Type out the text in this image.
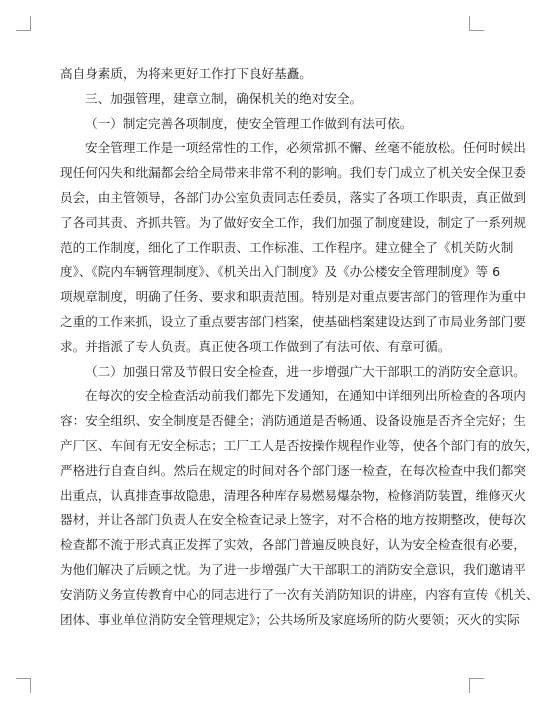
高自身素质，为将来更好工作打下良好基矗。
三、加强管理，建章立制，确保机关的绝对安全。
（一）制定完善各项制度，使安全管理工作做到有法可依。
安全管理工作是一项经常性的工作，必须常抓不懈、丝毫不能放松。任何时候出
现任何闪失和纰漏都会给全局带来非常不利的影响。我们专门成立了机关安全保卫委
员会，由主管领导，各部门办公室负责同志任委员，落实了各项工作职责，真正做到
了各司其责、齐抓共管。为了做好安全工作，我们加强了制度建设，制定了一系列规
范的工作制度，细化了工作职责、工作标准、工作程序。建立健全了《机关防火制
度》、《院内车辆管理制度》、《机关出入门制度》及《办公楼安全管理制度》等 6
项规章制度，明确了任务、要求和职责范围。特别是对重点要害部门的管理作为重中
之重的工作来抓，设立了重点要害部门档案，使基础档案建设达到了市局业务部门要
求。并指派了专人负责。真正使各项工作做到了有法可依、有章可循。
（二）加强日常及节假日安全检查，进一步增强广大干部职工的消防安全意识。
在每次的安全检查活动前我们都先下发通知，在通知中详细列出所检查的各项内
容：安全组织、安全制度是否健全；消防通道是否畅通、设备设施是否齐全完好；生
产厂区、车间有无安全标志；工厂工人是否按操作规程作业等，使各个部门有的放矢，
严格进行自查自纠。然后在规定的时间对各个部门逐一检查，在每次检查中我们都突
出重点，认真排查事故隐患，清理各种库存易燃易爆杂物，检修消防装置，维修灭火
器材，并让各部门负责人在安全检查记录上签字，对不合格的地方按期整改，使每次
检查都不流于形式真正发挥了实效，各部门普遍反映良好，认为安全检查很有必要，
为他们解决了后顾之忧。为了进一步增强广大干部职工的消防安全意识，我们邀请平
安消防义务宣传教育中心的同志进行了一次有关消防知识的讲座，内容有宣传《机关、
团体、事业单位消防安全管理规定》；公共场所及家庭场所的防火要领；灭火的实际
